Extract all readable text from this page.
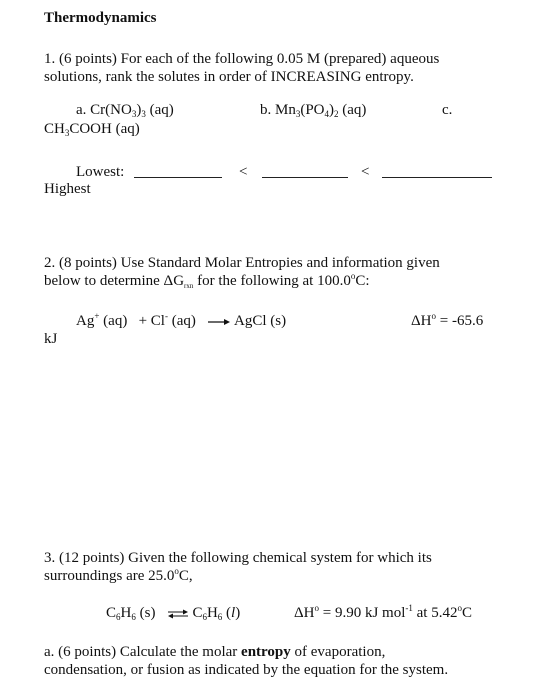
Thermodynamics
1. (6 points) For each of the following 0.05 M (prepared) aqueous
solutions, rank the solutes in order of INCREASING entropy.
a. $Cr(NO_3)_3$ (aq)	b. $Mn_3(PO_4)_2$ (aq)	c.
$CH_3COOH$ (aq)
Lowest:	<	<
Highest
2. (8 points) Use Standard Molar Entropies and information given
below to determine $\Delta G_{rxn}$ for the following at 100.0$^o$C:
Ag+ (aq)   + Cl- (aq) → AgCl (s)	$\Delta H^o = -65.6$
kJ
3. (12 points) Given the following chemical system for which its
surroundings are 25.0$^o$C,
$C_6H_6$ (s) ⇌ $C_6H_6$ (l)	$\Delta H^o = 9.90$ kJ mol$^{-1}$ at 5.42$^o$C
a. (6 points) Calculate the molar entropy of evaporation,
condensation, or fusion as indicated by the equation for the system.
